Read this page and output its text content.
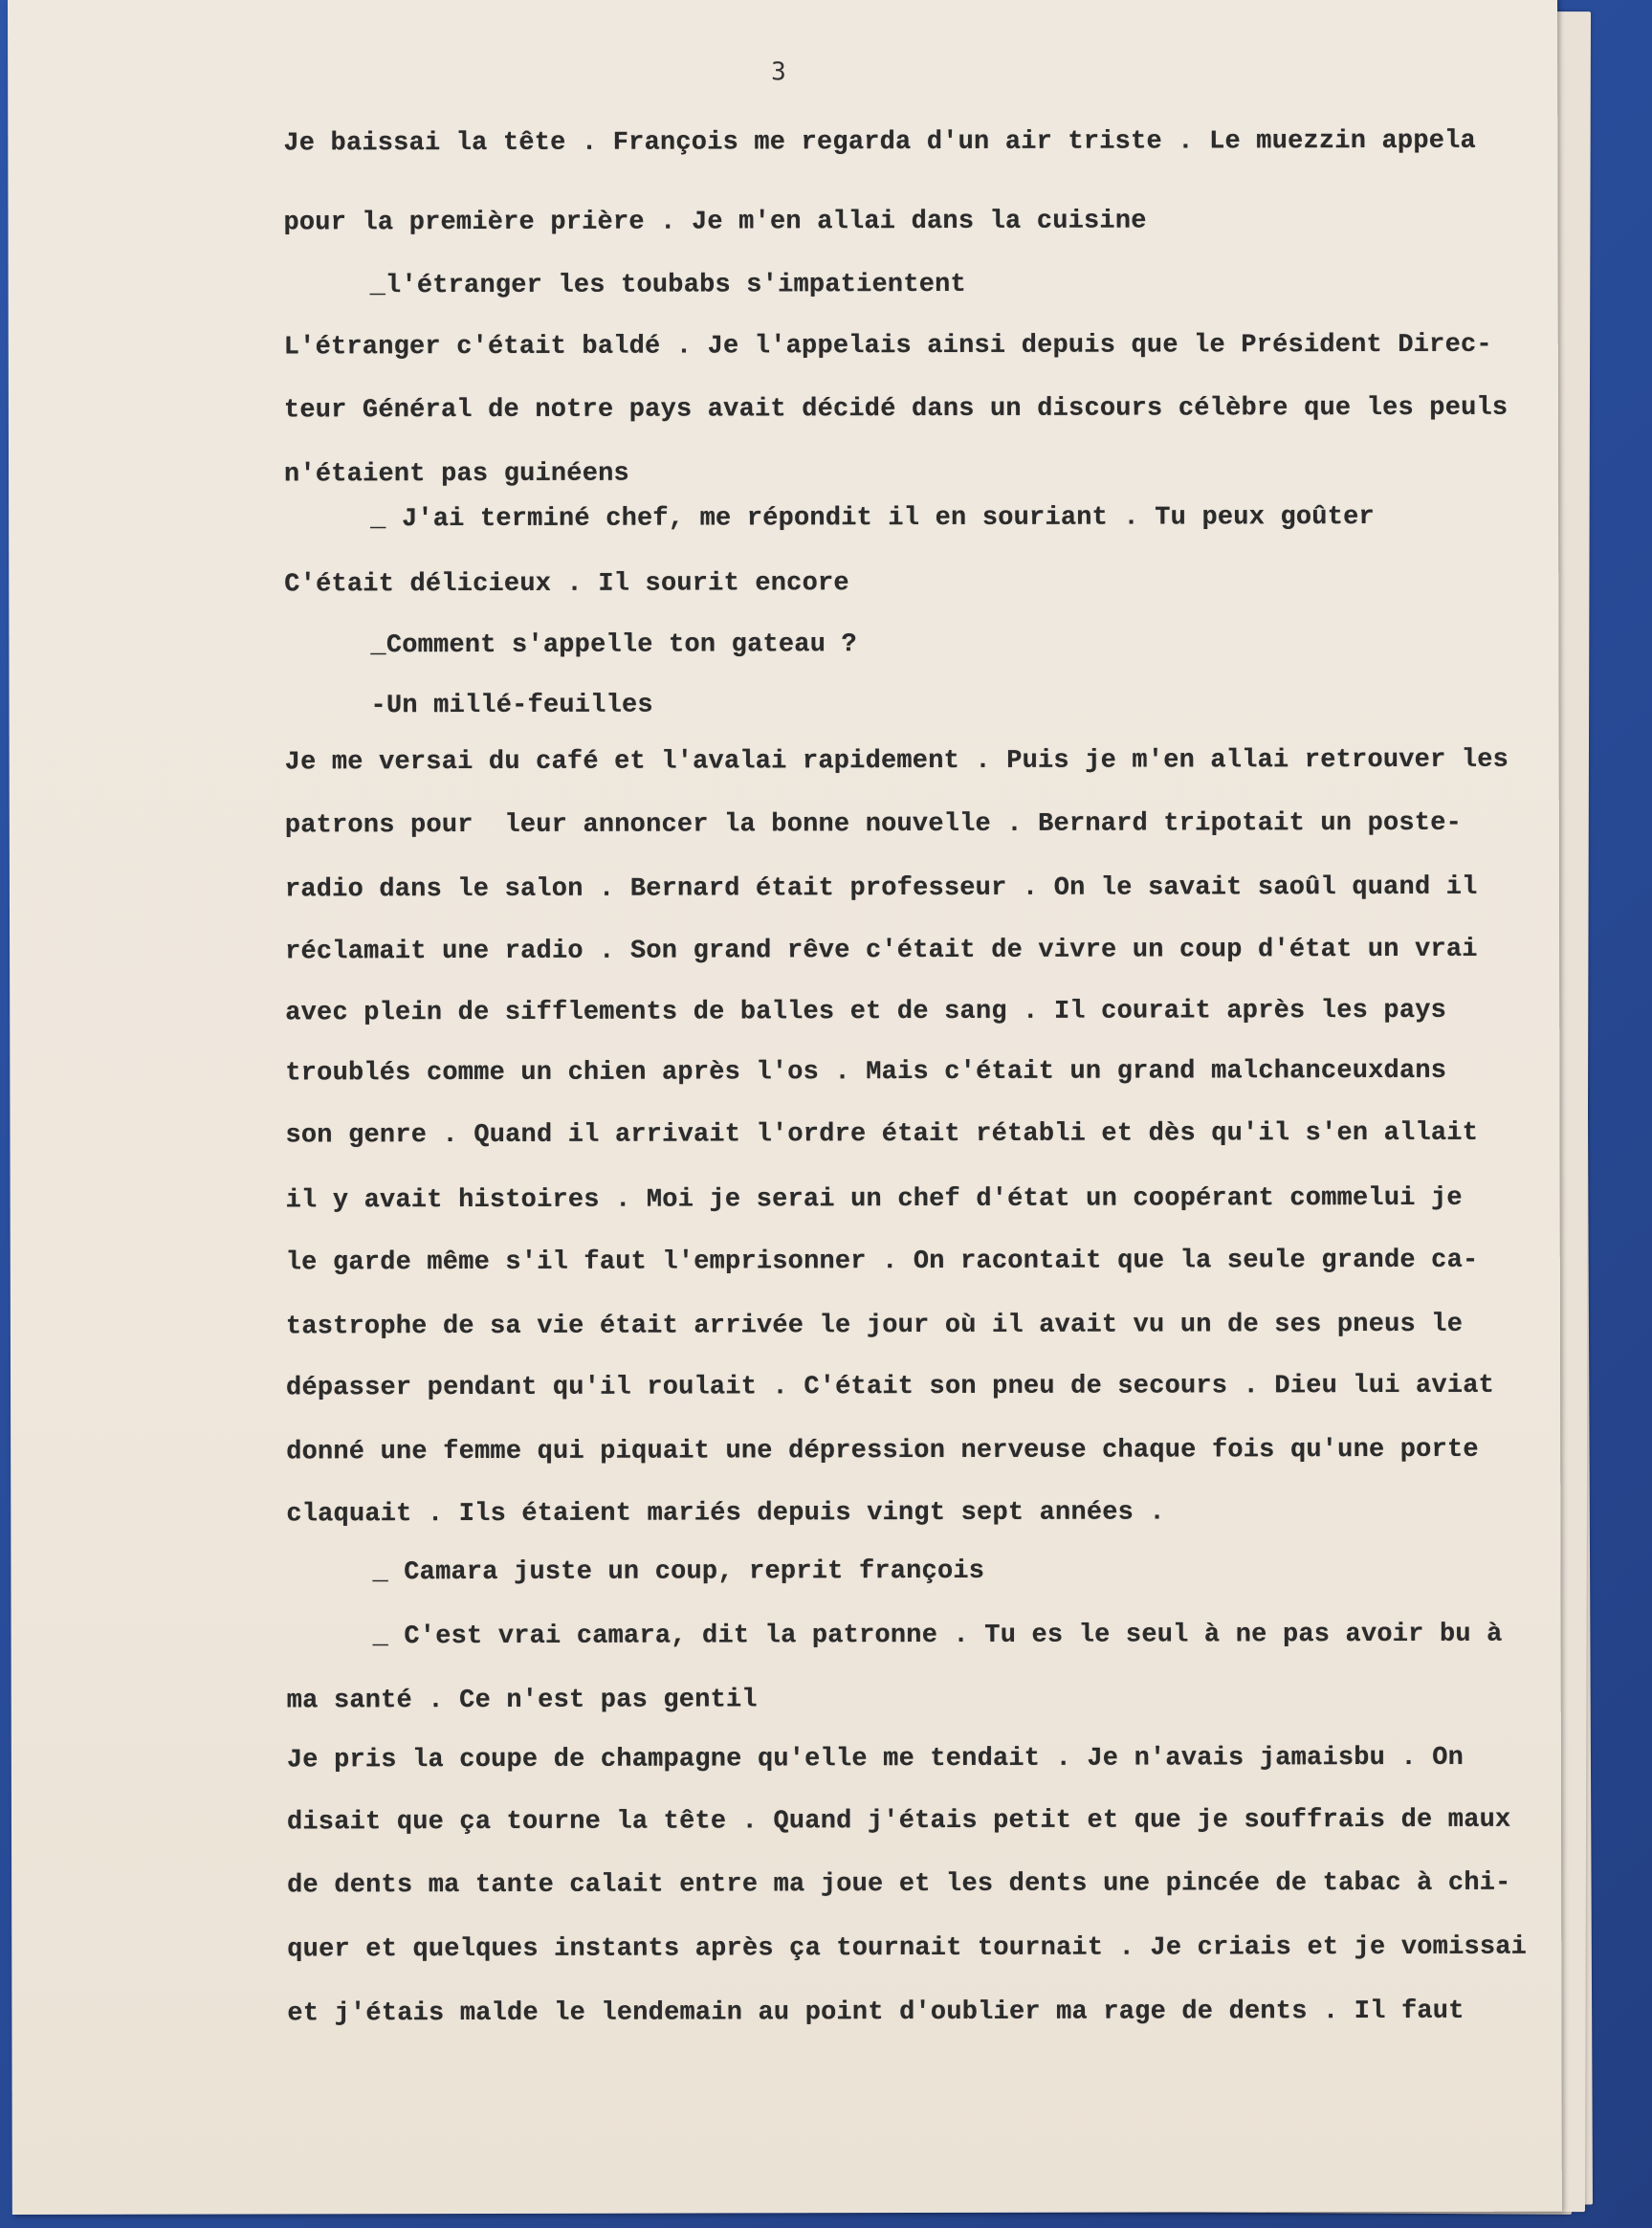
3
Je baissai la tête . François me regarda d'un air triste . Le muezzin appela
pour la première prière . Je m'en allai dans la cuisine
_l'étranger les toubabs s'impatientent
L'étranger c'était baldé . Je l'appelais ainsi depuis que le Président Direc-
teur Général de notre pays avait décidé dans un discours célèbre que les peuls
n'étaient pas guinéens
_ J'ai terminé chef, me répondit il en souriant . Tu peux goûter
C'était délicieux . Il sourit encore
_Comment s'appelle ton gateau ?
-Un millé-feuilles
Je me versai du café et l'avalai rapidement . Puis je m'en allai retrouver les
patrons pour  leur annoncer la bonne nouvelle . Bernard tripotait un poste-
radio dans le salon . Bernard était professeur . On le savait saoûl quand il
réclamait une radio . Son grand rêve c'était de vivre un coup d'état un vrai
avec plein de sifflements de balles et de sang . Il courait après les pays
troublés comme un chien après l'os . Mais c'était un grand malchanceuxdans
son genre . Quand il arrivait l'ordre était rétabli et dès qu'il s'en allait
il y avait histoires . Moi je serai un chef d'état un coopérant commelui je
le garde même s'il faut l'emprisonner . On racontait que la seule grande ca-
tastrophe de sa vie était arrivée le jour où il avait vu un de ses pneus le
dépasser pendant qu'il roulait . C'était son pneu de secours . Dieu lui aviat
donné une femme qui piquait une dépression nerveuse chaque fois qu'une porte
claquait . Ils étaient mariés depuis vingt sept années .
_ Camara juste un coup, reprit françois
_ C'est vrai camara, dit la patronne . Tu es le seul à ne pas avoir bu à
ma santé . Ce n'est pas gentil
Je pris la coupe de champagne qu'elle me tendait . Je n'avais jamaisbu . On
disait que ça tourne la tête . Quand j'étais petit et que je souffrais de maux
de dents ma tante calait entre ma joue et les dents une pincée de tabac à chi-
quer et quelques instants après ça tournait tournait . Je criais et je vomissai
et j'étais malde le lendemain au point d'oublier ma rage de dents . Il faut
